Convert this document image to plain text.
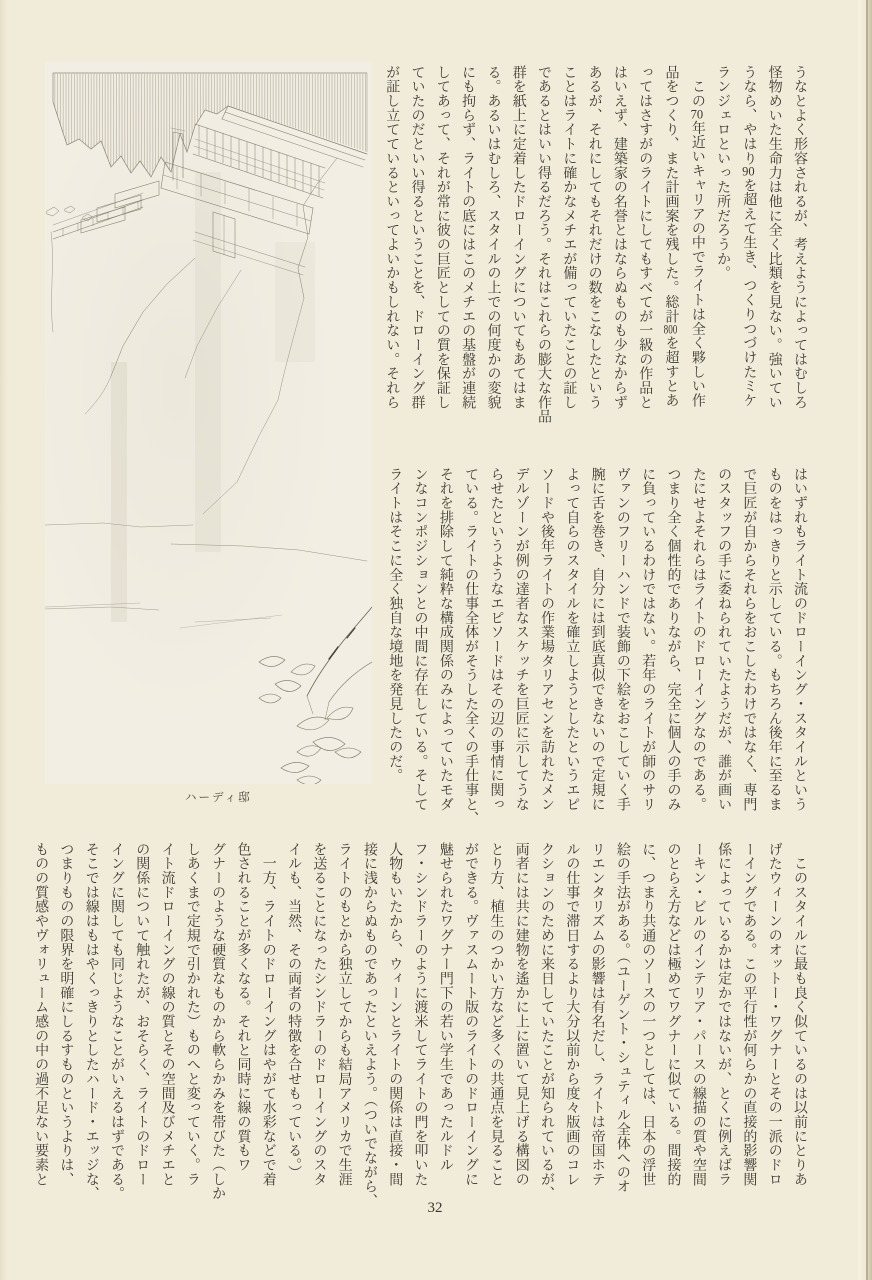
ハーディ邸
うなとよく形容されるが、考えようによってはむしろ
怪物めいた生命力は他に全く比類を見ない。強いてい
うなら、やはり90を超えて生き、つくりつづけたミケ
ランジェロといった所だろうか。
　この70年近いキャリアの中でライトは全く夥しい作
品をつくり、また計画案を残した。総計800を超すとあ
ってはさすがのライトにしてもすべてが一級の作品と
はいえず、建築家の名誉とはならぬものも少なからず
あるが、それにしてもそれだけの数をこなしたという
ことはライトに確かなメチエが備っていたことの証し
であるとはいい得るだろう。それはこれらの膨大な作品
群を紙上に定着したドローイングについてもあてはま
る。あるいはむしろ、スタイルの上での何度かの変貌
にも拘らず、ライトの底にはこのメチエの基盤が連続
してあって、それが常に彼の巨匠としての質を保証し
ていたのだといい得るということを、ドローイング群
が証し立てているといってよいかもしれない。それら
はいずれもライト流のドローイング・スタイルという
ものをはっきりと示している。もちろん後年に至るま
で巨匠が自からそれらをおこしたわけではなく、専門
のスタッフの手に委ねられていたようだが、誰が画い
たにせよそれらはライトのドローイングなのである。
つまり全く個性的でありながら、完全に個人の手のみ
に負っているわけではない。若年のライトが師のサリ
ヴァンのフリーハンドで装飾の下絵をおこしていく手
腕に舌を巻き、自分には到底真似できないので定規に
よって自らのスタイルを確立しようとしたというエピ
ソードや後年ライトの作業場タリアセンを訪れたメン
デルゾーンが例の達者なスケッチを巨匠に示してうな
らせたというようなエピソードはその辺の事情に関っ
ている。ライトの仕事全体がそうした全くの手仕事と、
それを排除して純粋な構成関係のみによっていたモダ
ンなコンポジションとの中間に存在している。そして
ライトはそこに全く独自な境地を発見したのだ。
　このスタイルに最も良く似ているのは以前にとりあ
げたウィーンのオットー・ワグナーとその一派のドロ
ーイングである。この平行性が何らかの直接的影響関
係によっているかは定かではないが、とくに例えばラ
ーキン・ビルのインテリア・パースの線描の質や空間
のとらえ方などは極めてワグナーに似ている。間接的
に、つまり共通のソースの一つとしては、日本の浮世
絵の手法がある。（ユーゲント・シュティル全体へのオ
リエンタリズムの影響は有名だし、ライトは帝国ホテ
ルの仕事で滞日するより大分以前から度々版画のコレ
クションのために来日していたことが知られているが、
両者には共に建物を遙かに上に置いて見上げる構図の
とり方、植生のつかい方など多くの共通点を見ること
ができる。ヴァスムート版のライトのドローイングに
魅せられたワグナー門下の若い学生であったルドル
フ・シンドラーのように渡米してライトの門を叩いた
人物もいたから、ウィーンとライトの関係は直接・間
接に浅からぬものであったといえよう。（ついでながら、
ライトのもとから独立してからも結局アメリカで生涯
を送ることになったシンドラーのドローイングのスタ
イルも、当然、その両者の特徴を合せもっている。）
　一方、ライトのドローイングはやがて水彩などで着
色されることが多くなる。それと同時に線の質もワ
グナーのような硬質なものから軟らかみを帯びた（しか
しあくまで定規で引かれた）ものへと変っていく。ラ
イト流ドローイングの線の質とその空間及びメチエと
の関係について触れたが、おそらく、ライトのドロー
イングに関しても同じようなことがいえるはずである。
そこでは線はもはやくっきりとしたハード・エッジな、
つまりものの限界を明確にしるすものというよりは、
ものの質感やヴォリューム感の中の過不足ない要素と
32
